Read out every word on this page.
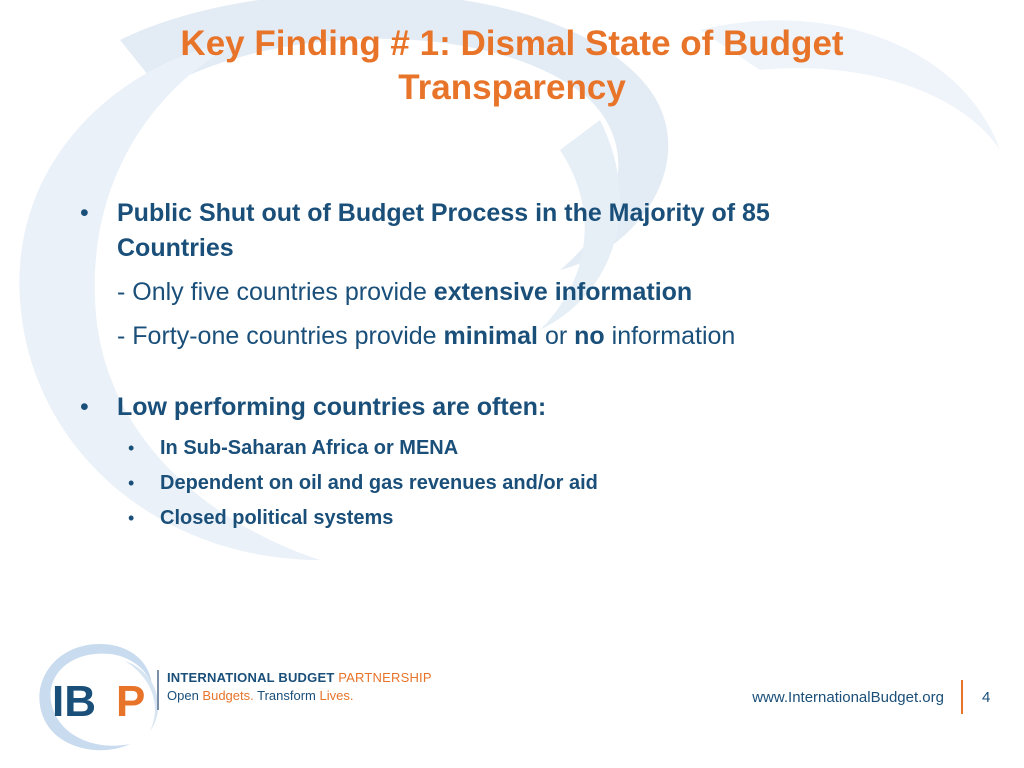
Key Finding # 1: Dismal State of Budget
Transparency
• Public Shut out of Budget Process in the Majority of 85
Countries
- Only five countries provide extensive information
- Forty-one countries provide minimal or no information
• Low performing countries are often:
• In Sub-Saharan Africa or MENA
• Dependent on oil and gas revenues and/or aid
• Closed political systems
IB P INTERNATIONAL BUDGET PARTNERSHIP
Open Budgets. Transform Lives.	www.InternationalBudget.org	4
